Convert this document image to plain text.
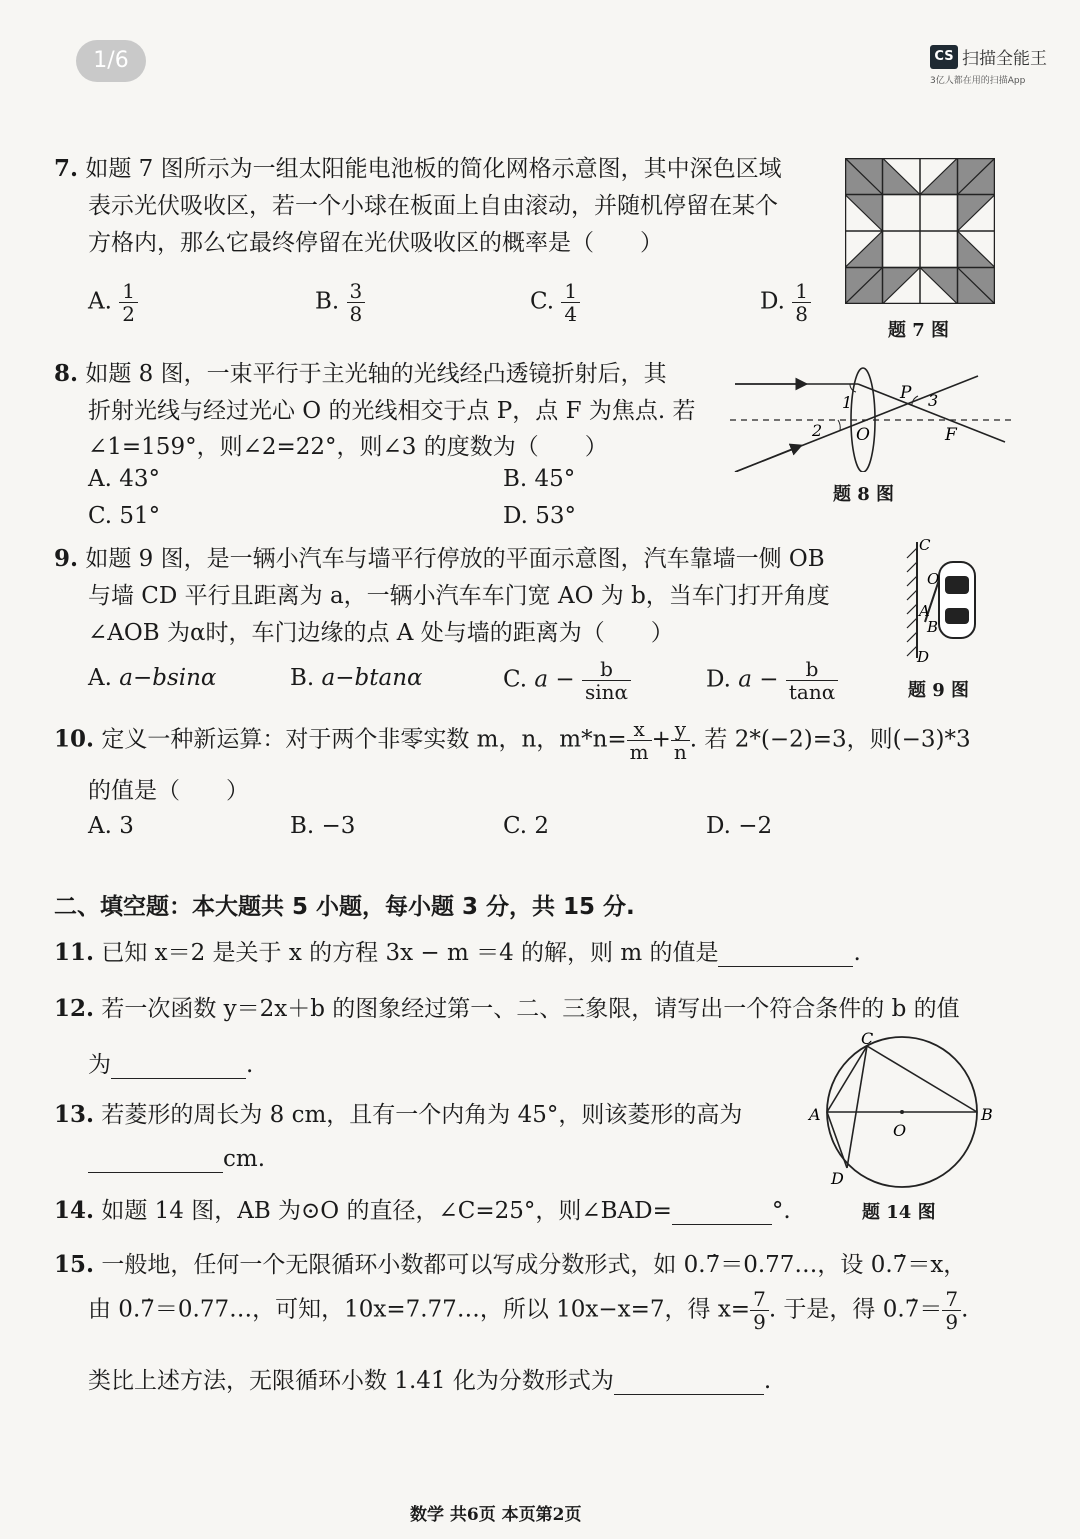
1/6	CS 扫描全能王
3亿人都在用的扫描App
7. 如题 7 图所示为一组太阳能电池板的简化网格示意图，其中深色区域
表示光伏吸收区，若一个小球在板面上自由滚动，并随机停留在某个
方格内，那么它最终停留在光伏吸收区的概率是（　　）
A. $\frac{1}{2}$	B. $\frac{3}{8}$	C. $\frac{1}{4}$	D. $\frac{1}{8}$
题 7 图
8. 如题 8 图，一束平行于主光轴的光线经凸透镜折射后，其
折射光线与经过光心 O 的光线相交于点 P，点 F 为焦点. 若
∠1=159°，则∠2=22°，则∠3 的度数为（　　）
A. 43°	B. 45°
C. 51°	D. 53°
1
2
3
P
O	F
题 8 图
9. 如题 9 图，是一辆小汽车与墙平行停放的平面示意图，汽车靠墙一侧 OB
与墙 CD 平行且距离为 a，一辆小汽车车门宽 AO 为 b，当车门打开角度
∠AOB 为α时，车门边缘的点 A 处与墙的距离为（　　）
A. a−bsinα	B. a−btanα	C. $a - \frac{b}{\sin\alpha}$	D. $a - \frac{b}{\tan\alpha}$
C
O
A
B
D
题 9 图
10. 定义一种新运算：对于两个非零实数 m，n，$m*n= \frac{x}{m} + \frac{y}{n}$ . 若 2*(−2)=3，则(−3)*3
的值是（　　）
A. 3	B. −3	C. 2	D. −2
二、填空题：本大题共 5 小题，每小题 3 分，共 15 分.
11. 已知 x＝2 是关于 x 的方程 3x − m ＝4 的解，则 m 的值是	.
12. 若一次函数 y＝2x＋b 的图象经过第一、二、三象限，请写出一个符合条件的 b 的值
为	.
13. 若菱形的周长为 8 cm，且有一个内角为 45°，则该菱形的高为
cm.
14. 如题 14 图，AB 为⊙O 的直径，∠C=25°，则∠BAD=	°.
A	B
C
D
O
题 14 图
15. 一般地，任何一个无限循环小数都可以写成分数形式，如 0.7̇＝0.77…，设 0.7̇＝x，
由 0.7̇＝0.77…，可知，10x=7.77…，所以 10x−x=7，得 $x= \frac{7}{9}$ . 于是，得 0.7̇＝ $\frac{7}{9}$ .
类比上述方法，无限循环小数 1.4̇1̇ 化为分数形式为	.
数学 共6页 本页第2页
